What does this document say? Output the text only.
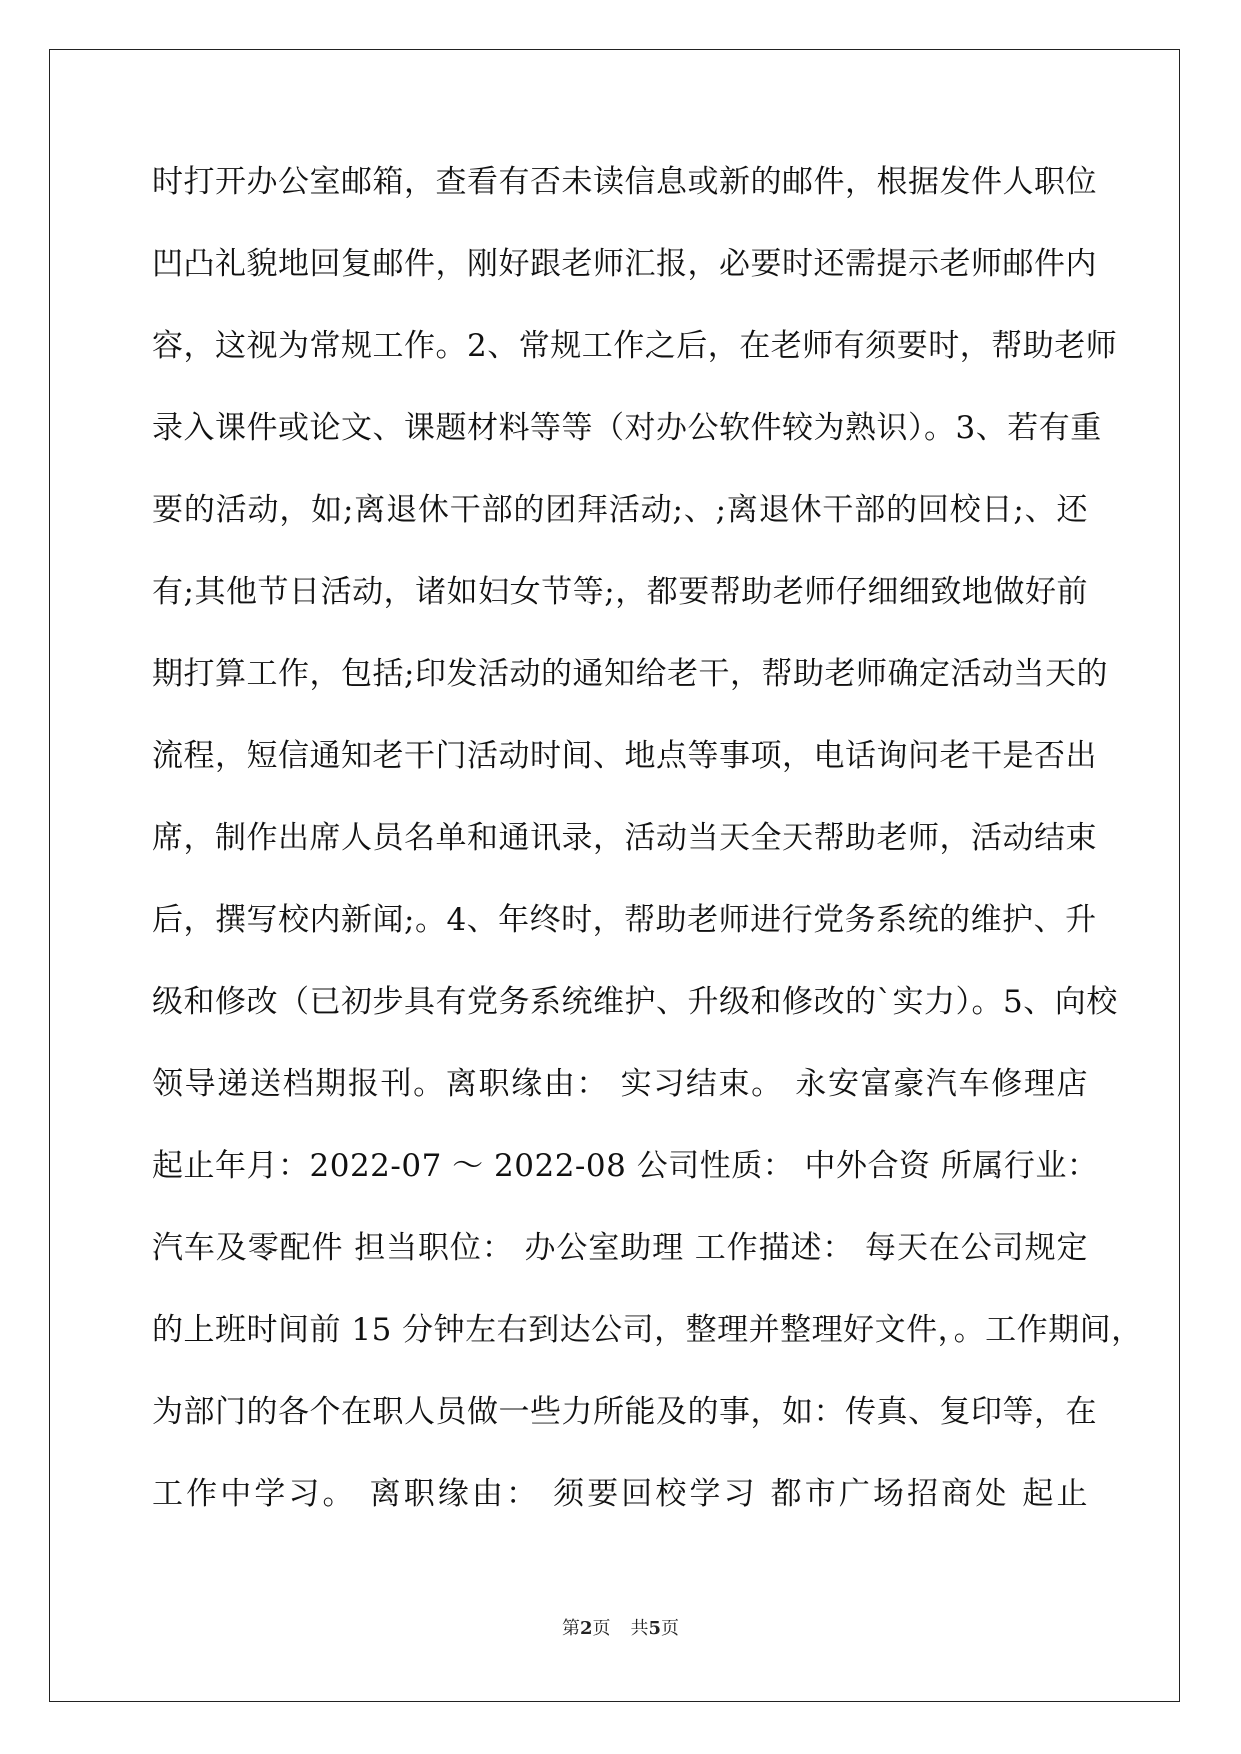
时打开办公室邮箱，查看有否未读信息或新的邮件，根据发件人职位
凹凸礼貌地回复邮件，刚好跟老师汇报，必要时还需提示老师邮件内
容，这视为常规工作。2、常规工作之后，在老师有须要时，帮助老师
录入课件或论文、课题材料等等（对办公软件较为熟识）。3、若有重
要的活动，如;离退休干部的团拜活动;、;离退休干部的回校日;、还
有;其他节日活动，诸如妇女节等;，都要帮助老师仔细细致地做好前
期打算工作，包括;印发活动的通知给老干，帮助老师确定活动当天的
流程，短信通知老干门活动时间、地点等事项，电话询问老干是否出
席，制作出席人员名单和通讯录，活动当天全天帮助老师，活动结束
后，撰写校内新闻;。4、年终时，帮助老师进行党务系统的维护、升
级和修改（已初步具有党务系统维护、升级和修改的`实力）。5、向校
领导递送档期报刊。离职缘由： 实习结束。 永安富豪汽车修理店
起止年月：2022-07 ～ 2022-08 公司性质： 中外合资 所属行业：
汽车及零配件 担当职位： 办公室助理 工作描述： 每天在公司规定
的上班时间前 15 分钟左右到达公司，整理并整理好文件，。工作期间，
为部门的各个在职人员做一些力所能及的事，如：传真、复印等，在
工作中学习。 离职缘由： 须要回校学习 都市广场招商处 起止
第2页 共5页
